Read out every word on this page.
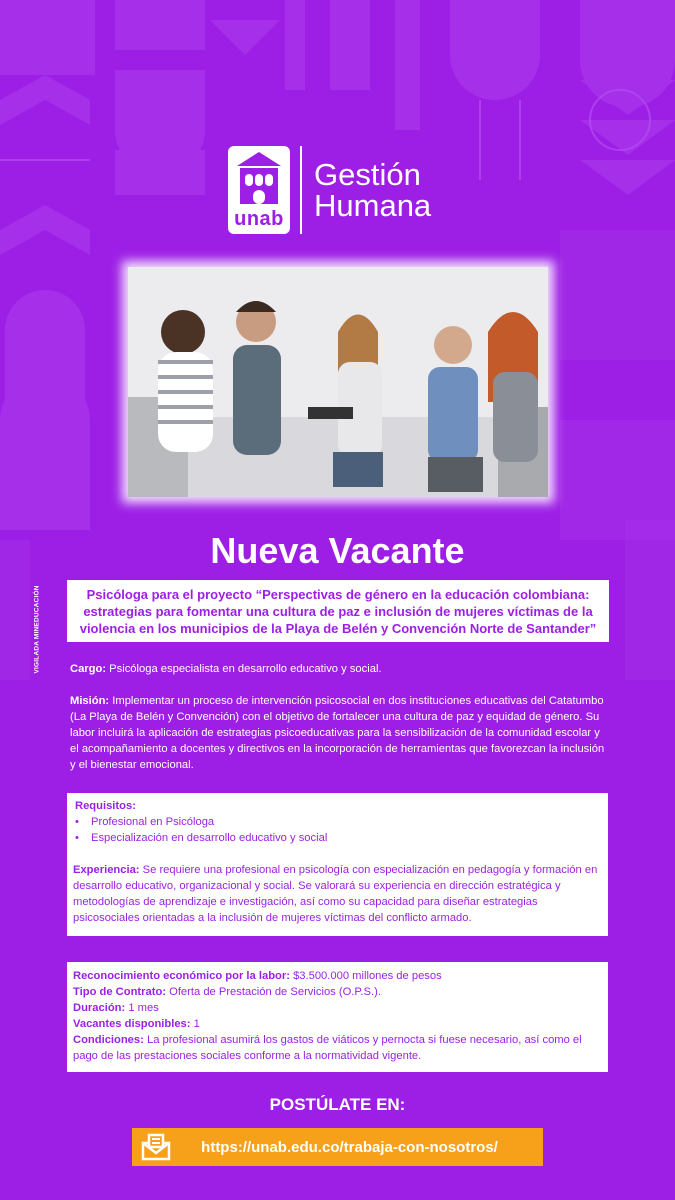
unab
Gestión
Humana
Nueva Vacante
VIGILADA MINEDUCACIÓN	Psicóloga para el proyecto “Perspectivas de género en la educación colombiana: estrategias para fomentar una cultura de paz e inclusión de mujeres víctimas de la violencia en los municipios de la Playa de Belén y Convención Norte de Santander”

Cargo: Psicóloga especialista en desarrollo educativo y social.

Misión: Implementar un proceso de intervención psicosocial en dos instituciones educativas del Catatumbo (La Playa de Belén y Convención) con el objetivo de fortalecer una cultura de paz y equidad de género. Su labor incluirá la aplicación de estrategias psicoeducativas para la sensibilización de la comunidad escolar y el acompañamiento a docentes y directivos en la incorporación de herramientas que favorezcan la inclusión y el bienestar emocional.

Requisitos:
• Profesional en Psicóloga
• Especialización en desarrollo educativo y social
Experiencia: Se requiere una profesional en psicología con especialización en pedagogía y formación en desarrollo educativo, organizacional y social. Se valorará su experiencia en dirección estratégica y metodologías de aprendizaje e investigación, así como su capacidad para diseñar estrategias psicosociales orientadas a la inclusión de mujeres víctimas del conflicto armado.
Reconocimiento económico por la labor: $3.500.000 millones de pesos
Tipo de Contrato: Oferta de Prestación de Servicios (O.P.S.).
Duración: 1 mes
Vacantes disponibles: 1
Condiciones: La profesional asumirá los gastos de viáticos y pernocta si fuese necesario, así como el pago de las prestaciones sociales conforme a la normatividad vigente.
POSTÚLATE EN:
https://unab.edu.co/trabaja-con-nosotros/
